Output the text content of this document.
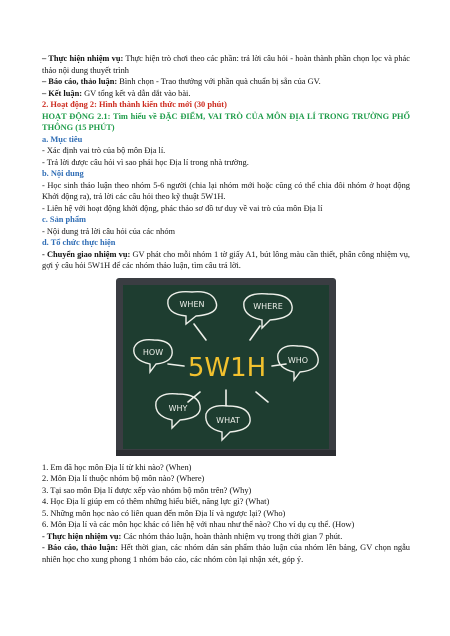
– Thực hiện nhiệm vụ: Thực hiện trò chơi theo các phần: trả lời câu hỏi - hoàn thành phần chọn lọc và phác thảo nội dung thuyết trình

– Báo cáo, thảo luận: Bình chọn - Trao thưởng với phần quà chuẩn bị sẵn của GV.

– Kết luận: GV tổng kết và dẫn dắt vào bài.

2. Hoạt động 2: Hình thành kiến thức mới (30 phút)

HOẠT ĐỘNG 2.1: Tìm hiểu về ĐẶC ĐIỂM, VAI TRÒ CỦA MÔN ĐỊA LÍ TRONG TRƯỜNG PHỔ THÔNG (15 PHÚT)

a. Mục tiêu

- Xác định vai trò của bộ môn Địa lí.

- Trả lời được câu hỏi vì sao phải học Địa lí trong nhà trường.

b. Nội dung

- Học sinh thảo luận theo nhóm 5-6 người (chia lại nhóm mới hoặc cũng có thể chia đôi nhóm ở hoạt động Khởi động ra), trả lời các câu hỏi theo kỹ thuật 5W1H.

- Liên hệ với hoạt động khởi động, phác thảo sơ đồ tư duy về vai trò của môn Địa lí

c. Sản phẩm

- Nội dung trả lời câu hỏi của các nhóm

d. Tổ chức thực hiện

- Chuyển giao nhiệm vụ: GV phát cho mỗi nhóm 1 tờ giấy A1, bút lông màu cần thiết, phân công nhiệm vụ, gợi ý câu hỏi 5W1H để các nhóm thảo luận, tìm câu trả lời.

WHEN	WHERE
HOW
WHY
WHAT
WHO
5W1H

1. Em đã học môn Địa lí từ khi nào? (When)

2. Môn Địa lí thuộc nhóm bộ môn nào? (Where)

3. Tại sao môn Địa lí được xếp vào nhóm bộ môn trên? (Why)

4. Học Địa lí giúp em có thêm những hiểu biết, năng lực gì? (What)

5. Những môn học nào có liên quan đến môn Địa lí và ngược lại? (Who)

6. Môn Địa lí và các môn học khác có liên hệ với nhau như thế nào? Cho ví dụ cụ thể. (How)

- Thực hiện nhiệm vụ: Các nhóm thảo luận, hoàn thành nhiệm vụ trong thời gian 7 phút.

- Báo cáo, thảo luận: Hết thời gian, các nhóm dán sản phẩm thảo luận của nhóm lên bảng, GV chọn ngẫu nhiên học cho xung phong 1 nhóm báo cáo, các nhóm còn lại nhận xét, góp ý.
